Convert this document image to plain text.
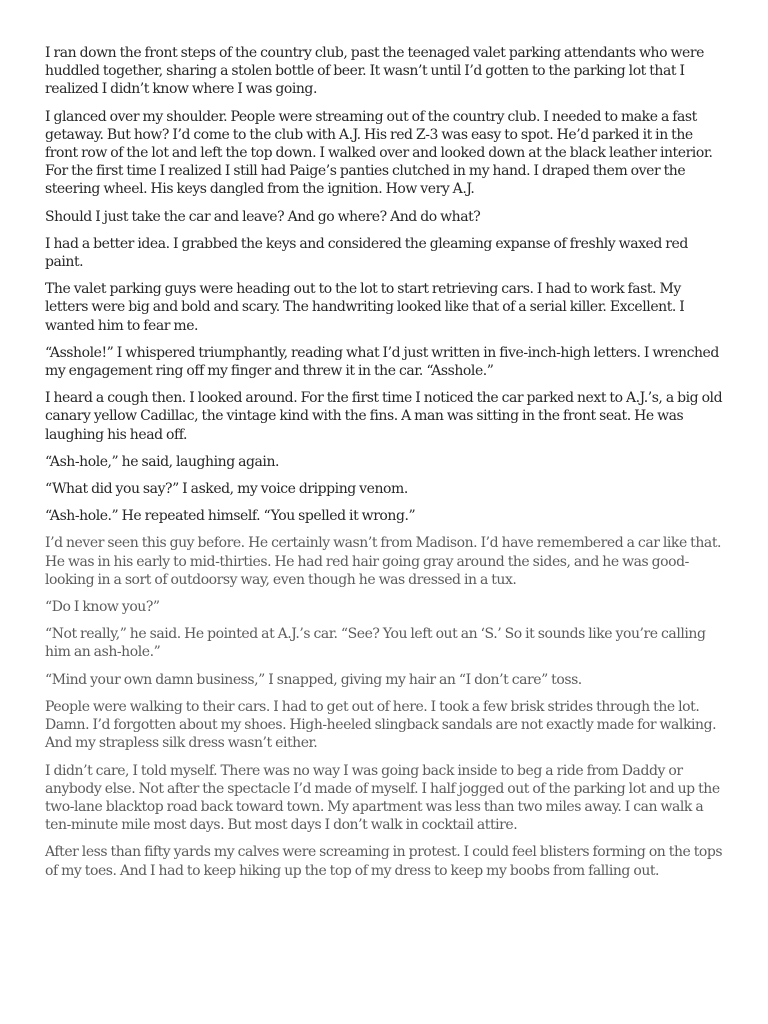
I ran down the front steps of the country club, past the teenaged valet parking attendants who were huddled together, sharing a stolen bottle of beer. It wasn’t until I’d gotten to the parking lot that I realized I didn’t know where I was going.

I glanced over my shoulder. People were streaming out of the country club. I needed to make a fast getaway. But how? I’d come to the club with A.J. His red Z-3 was easy to spot. He’d parked it in the front row of the lot and left the top down. I walked over and looked down at the black leather interior. For the first time I realized I still had Paige’s panties clutched in my hand. I draped them over the steering wheel. His keys dangled from the ignition. How very A.J.

Should I just take the car and leave? And go where? And do what?

I had a better idea. I grabbed the keys and considered the gleaming expanse of freshly waxed red paint.

The valet parking guys were heading out to the lot to start retrieving cars. I had to work fast. My letters were big and bold and scary. The handwriting looked like that of a serial killer. Excellent. I wanted him to fear me.

“Asshole!” I whispered triumphantly, reading what I’d just written in five-inch-high letters. I wrenched my engagement ring off my finger and threw it in the car. “Asshole.”

I heard a cough then. I looked around. For the first time I noticed the car parked next to A.J.’s, a big old canary yellow Cadillac, the vintage kind with the fins. A man was sitting in the front seat. He was laughing his head off.

“Ash-hole,” he said, laughing again.

“What did you say?” I asked, my voice dripping venom.

“Ash-hole.” He repeated himself. “You spelled it wrong.”

I’d never seen this guy before. He certainly wasn’t from Madison. I’d have remembered a car like that. He was in his early to mid-thirties. He had red hair going gray around the sides, and he was good-looking in a sort of outdoorsy way, even though he was dressed in a tux.

“Do I know you?”

“Not really,” he said. He pointed at A.J.’s car. “See? You left out an ‘S.’ So it sounds like you’re calling him an ash-hole.”

“Mind your own damn business,” I snapped, giving my hair an “I don’t care” toss.

People were walking to their cars. I had to get out of here. I took a few brisk strides through the lot. Damn. I’d forgotten about my shoes. High-heeled slingback sandals are not exactly made for walking. And my strapless silk dress wasn’t either.

I didn’t care, I told myself. There was no way I was going back inside to beg a ride from Daddy or anybody else. Not after the spectacle I’d made of myself. I half jogged out of the parking lot and up the two-lane blacktop road back toward town. My apartment was less than two miles away. I can walk a ten-minute mile most days. But most days I don’t walk in cocktail attire.

After less than fifty yards my calves were screaming in protest. I could feel blisters forming on the tops of my toes. And I had to keep hiking up the top of my dress to keep my boobs from falling out.
